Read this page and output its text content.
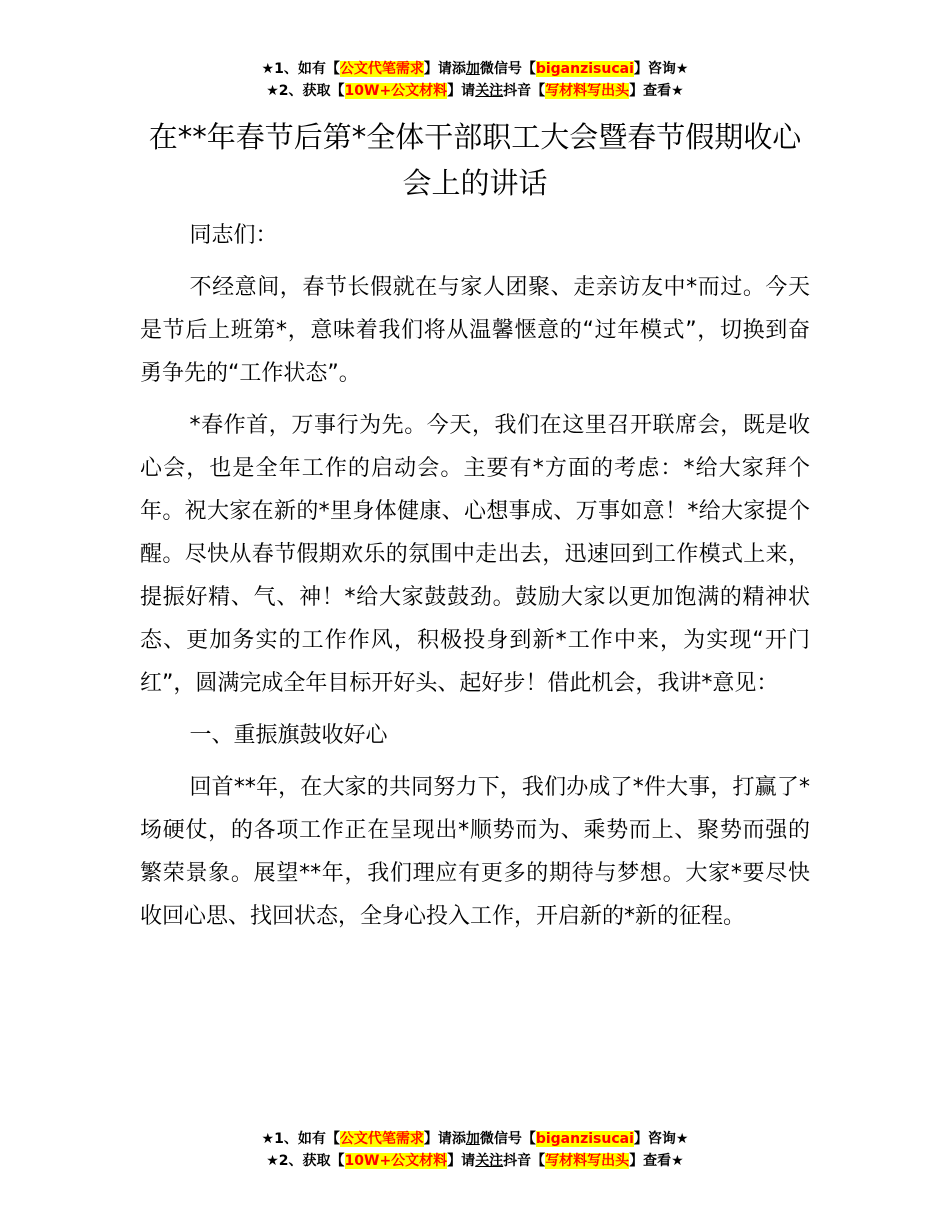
★1、如有【公文代笔需求】请添加微信号【biganzisucai】咨询★
★2、获取【10W+公文材料】请关注抖音【写材料写出头】查看★
在**年春节后第*全体干部职工大会暨春节假期收心会上的讲话

同志们：

不经意间，春节长假就在与家人团聚、走亲访友中*而过。今天是节后上班第*，意味着我们将从温馨惬意的“过年模式”，切换到奋勇争先的“工作状态”。

*春作首，万事行为先。今天，我们在这里召开联席会，既是收心会，也是全年工作的启动会。主要有*方面的考虑：*给大家拜个年。祝大家在新的*里身体健康、心想事成、万事如意！*给大家提个醒。尽快从春节假期欢乐的氛围中走出去，迅速回到工作模式上来，提振好精、气、神！*给大家鼓鼓劲。鼓励大家以更加饱满的精神状态、更加务实的工作作风，积极投身到新*工作中来，为实现“开门红”，圆满完成全年目标开好头、起好步！借此机会，我讲*意见：

一、重振旗鼓收好心

回首**年，在大家的共同努力下，我们办成了*件大事，打赢了*场硬仗，的各项工作正在呈现出*顺势而为、乘势而上、聚势而强的繁荣景象。展望**年，我们理应有更多的期待与梦想。大家*要尽快收回心思、找回状态，全身心投入工作，开启新的*新的征程。

★1、如有【公文代笔需求】请添加微信号【biganzisucai】咨询★
★2、获取【10W+公文材料】请关注抖音【写材料写出头】查看★
